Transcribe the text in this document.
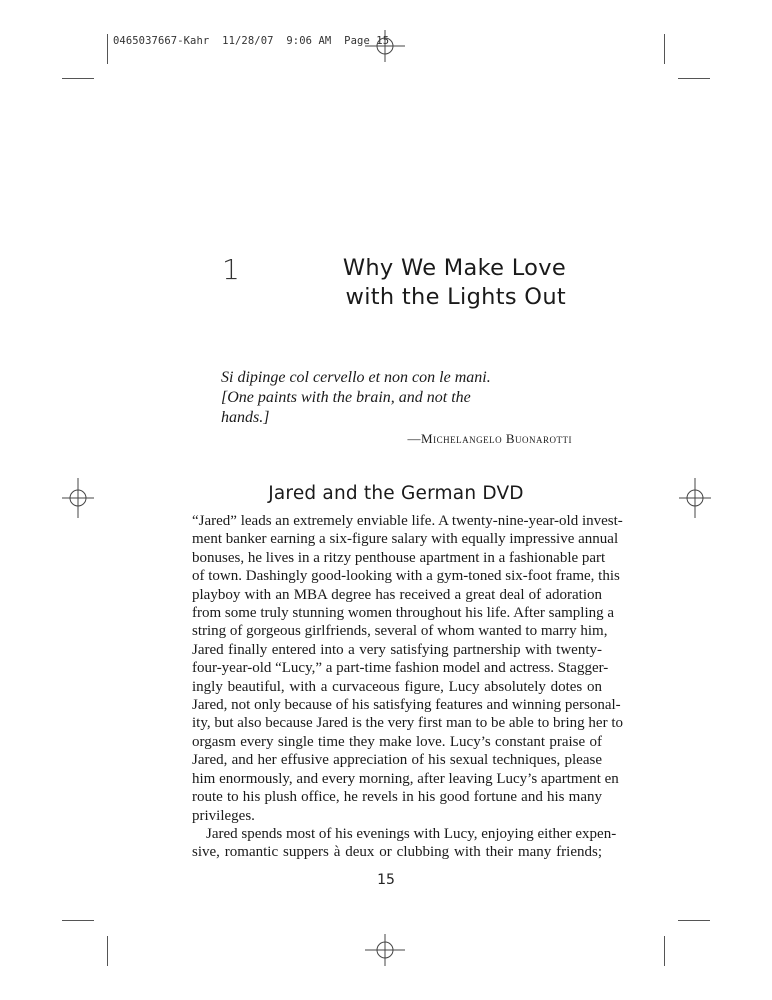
0465037667-Kahr  11/28/07  9:06 AM  Page 15
1	Why We Make Love
with the Lights Out
Si dipinge col cervello et non con le mani.
[One paints with the brain, and not the
hands.]
—Michelangelo Buonarotti
Jared and the German DVD
“Jared” leads an extremely enviable life. A twenty-nine-year-old invest-
ment banker earning a six-figure salary with equally impressive annual
bonuses, he lives in a ritzy penthouse apartment in a fashionable part
of town. Dashingly good-looking with a gym-toned six-foot frame, this
playboy with an MBA degree has received a great deal of adoration
from some truly stunning women throughout his life. After sampling a
string of gorgeous girlfriends, several of whom wanted to marry him,
Jared finally entered into a very satisfying partnership with twenty-
four-year-old “Lucy,” a part-time fashion model and actress. Stagger-
ingly beautiful, with a curvaceous figure, Lucy absolutely dotes on
Jared, not only because of his satisfying features and winning personal-
ity, but also because Jared is the very first man to be able to bring her to
orgasm every single time they make love. Lucy’s constant praise of
Jared, and her effusive appreciation of his sexual techniques, please
him enormously, and every morning, after leaving Lucy’s apartment en
route to his plush office, he revels in his good fortune and his many
privileges.
Jared spends most of his evenings with Lucy, enjoying either expen-
sive, romantic suppers à deux or clubbing with their many friends;
15
